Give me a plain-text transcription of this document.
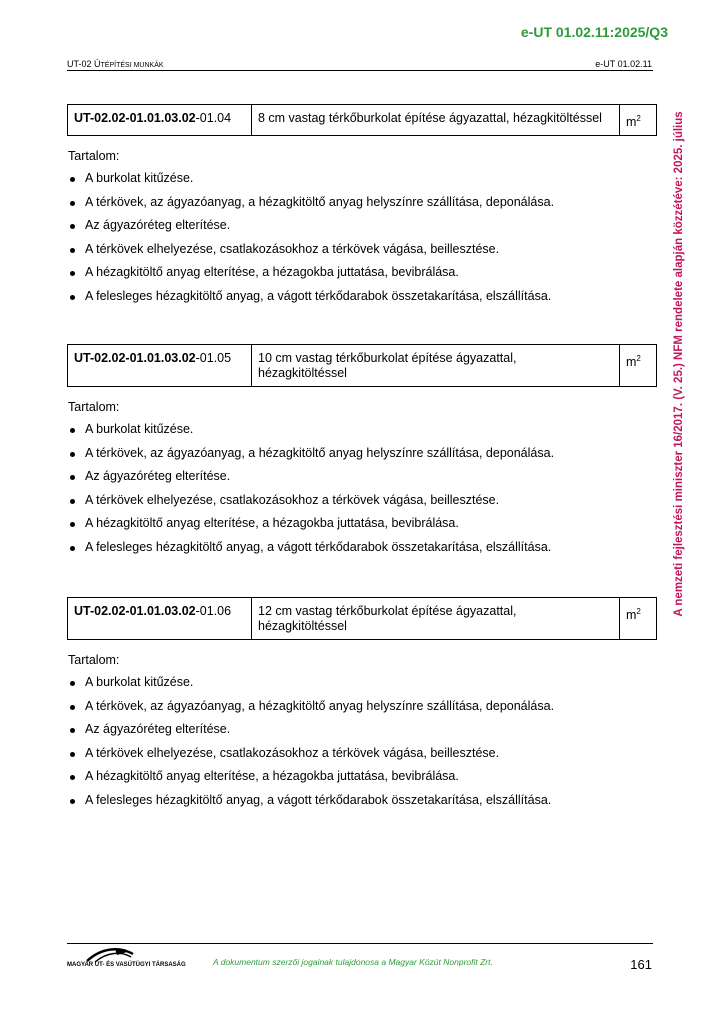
e-UT 01.02.11:2025/Q3
UT-02 ÚTÉPÍTÉSI MUNKÁK	e-UT 01.02.11
A nemzeti fejlesztési miniszter 16/2017. (V. 25.) NFM rendelete alapján közzétéve: 2025. július
UT-02.02-01.01.03.02-01.04	8 cm vastag térkőburkolat építése ágyazattal, hézagkitöltéssel	$m^2$
Tartalom:
A burkolat kitűzése.
A térkövek, az ágyazóanyag, a hézagkitöltő anyag helyszínre szállítása, deponálása.
Az ágyazóréteg elterítése.
A térkövek elhelyezése, csatlakozásokhoz a térkövek vágása, beillesztése.
A hézagkitöltő anyag elterítése, a hézagokba juttatása, bevibrálása.
A felesleges hézagkitöltő anyag, a vágott térkődarabok összetakarítása, elszállítása.
UT-02.02-01.01.03.02-01.05	10 cm vastag térkőburkolat építése ágyazattal, hézagkitöltéssel	$m^2$
Tartalom:
A burkolat kitűzése.
A térkövek, az ágyazóanyag, a hézagkitöltő anyag helyszínre szállítása, deponálása.
Az ágyazóréteg elterítése.
A térkövek elhelyezése, csatlakozásokhoz a térkövek vágása, beillesztése.
A hézagkitöltő anyag elterítése, a hézagokba juttatása, bevibrálása.
A felesleges hézagkitöltő anyag, a vágott térkődarabok összetakarítása, elszállítása.
UT-02.02-01.01.03.02-01.06	12 cm vastag térkőburkolat építése ágyazattal, hézagkitöltéssel	$m^2$
Tartalom:
A burkolat kitűzése.
A térkövek, az ágyazóanyag, a hézagkitöltő anyag helyszínre szállítása, deponálása.
Az ágyazóréteg elterítése.
A térkövek elhelyezése, csatlakozásokhoz a térkövek vágása, beillesztése.
A hézagkitöltő anyag elterítése, a hézagokba juttatása, bevibrálása.
A felesleges hézagkitöltő anyag, a vágott térkődarabok összetakarítása, elszállítása.
MAGYAR ÚT- ÉS VASÚTÜGYI TÁRSASÁG	A dokumentum szerzői jogainak tulajdonosa a Magyar Közút Nonprofit Zrt.	161
